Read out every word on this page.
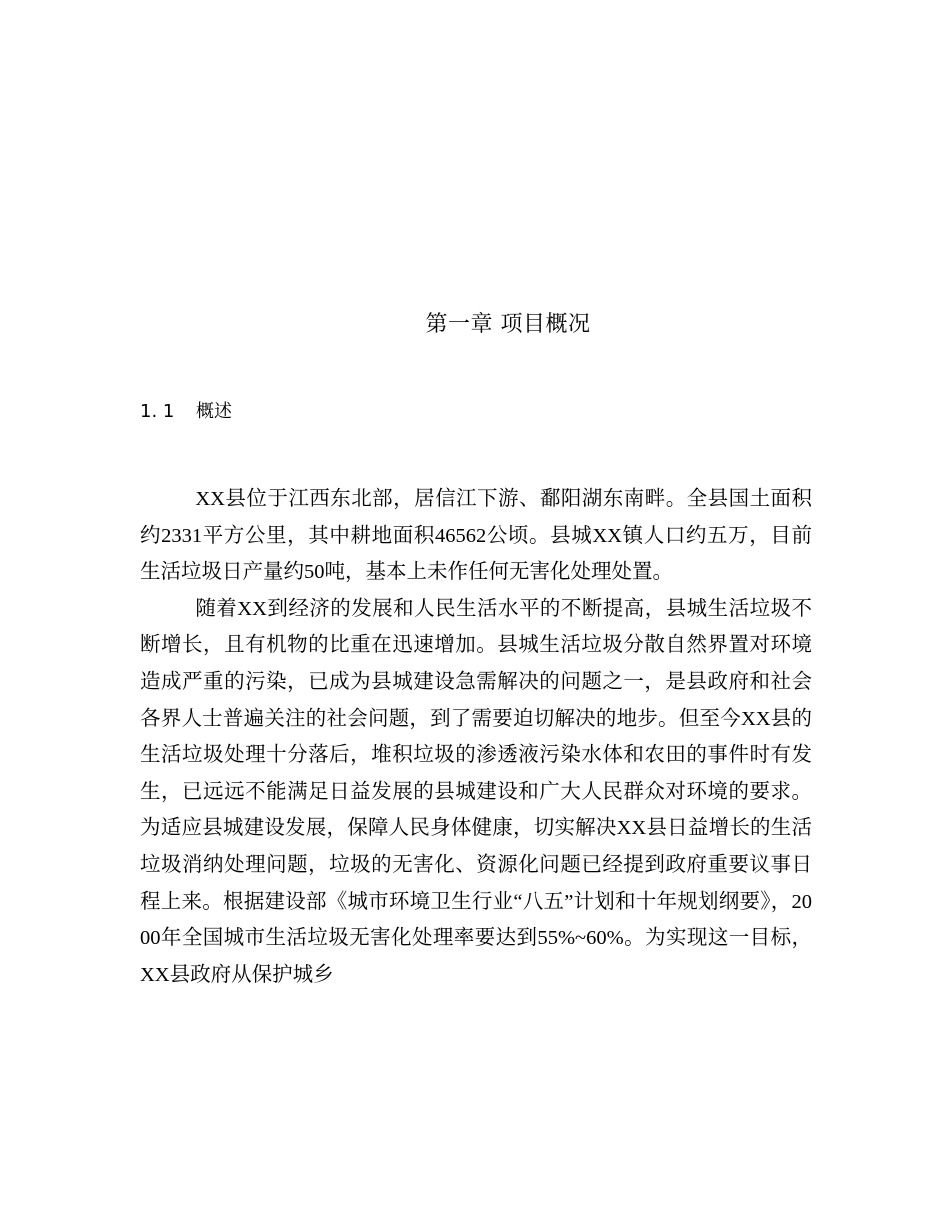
第一章 项目概况
1. 1 概述

XX县位于江西东北部，居信江下游、鄱阳湖东南畔。全县国土面积约2331平方公里，其中耕地面积46562公顷。县城XX镇人口约五万，目前生活垃圾日产量约50吨，基本上未作任何无害化处理处置。

随着XX到经济的发展和人民生活水平的不断提高，县城生活垃圾不断增长，且有机物的比重在迅速增加。县城生活垃圾分散自然界置对环境造成严重的污染，已成为县城建设急需解决的问题之一，是县政府和社会各界人士普遍关注的社会问题，到了需要迫切解决的地步。但至今XX县的生活垃圾处理十分落后，堆积垃圾的渗透液污染水体和农田的事件时有发生，已远远不能满足日益发展的县城建设和广大人民群众对环境的要求。为适应县城建设发展，保障人民身体健康，切实解决XX县日益增长的生活垃圾消纳处理问题，垃圾的无害化、资源化问题已经提到政府重要议事日程上来。根据建设部《城市环境卫生行业“八五”计划和十年规划纲要》，2000年全国城市生活垃圾无害化处理率要达到55%~60%。为实现这一目标，XX县政府从保护城乡
